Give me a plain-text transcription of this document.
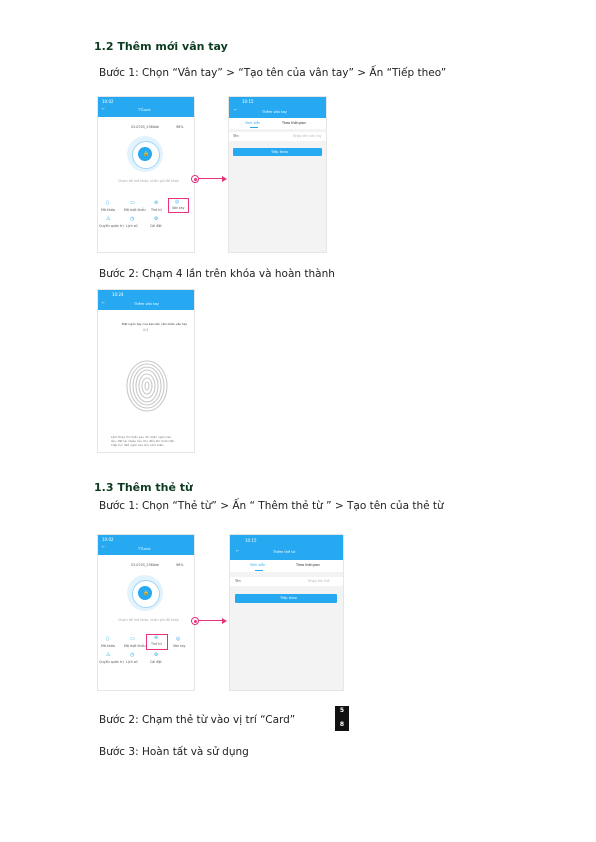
1.2 Thêm mới vân tay
Bước 1: Chọn “Vân tay” > “Tạo tên của vân tay” > Ấn “Tiếp theo”
10:02
←	TTLock
S3-0703_2360de	98%
🔒
Chạm để mở khóa, nhấn giữ để khóa
▯
Mã khóa
▭
Mã mật khẩu
⊜
Thẻ từ
◎
Vân tay
⚠
Quyền quản trị
◷
Lịch sử
⚙
Cài đặt
10:15
←	Thêm vân tay
Vĩnh viễn	Theo thời gian
Tên	Nhập tên vân tay
Tiếp theo
Bước 2: Chạm 4 lần trên khóa và hoàn thành
10:24
←	Thêm vân tay
Đặt ngón tay của bạn lên cảm biến vân tay
0/4
Làm theo lời nhắc sau đó nhấc ngón tay lên, đặt lại nhiều lần cho đến khi hoàn tất. Tiếp tục đặt ngón tay lên cảm biến.
1.3 Thêm thẻ từ
Bước 1: Chọn “Thẻ từ” > Ấn “ Thêm thẻ từ ” > Tạo tên của thẻ từ
10:02
←	TTLock
S3-0703_2360de	98%
🔒
Chạm để mở khóa, nhấn giữ để khóa
▯
Mã khóa
▭
Mã mật khẩu
⊜
Thẻ từ
◎
Vân tay
⚠
Quyền quản trị
◷
Lịch sử
⚙
Cài đặt
10:15
←	Thêm thẻ từ
Vĩnh viễn	Theo thời gian
Tên	Nhập tên thẻ
Tiếp theo
Bước 2: Chạm thẻ từ vào vị trí “Card”
5
8
Bước 3: Hoàn tất và sử dụng
